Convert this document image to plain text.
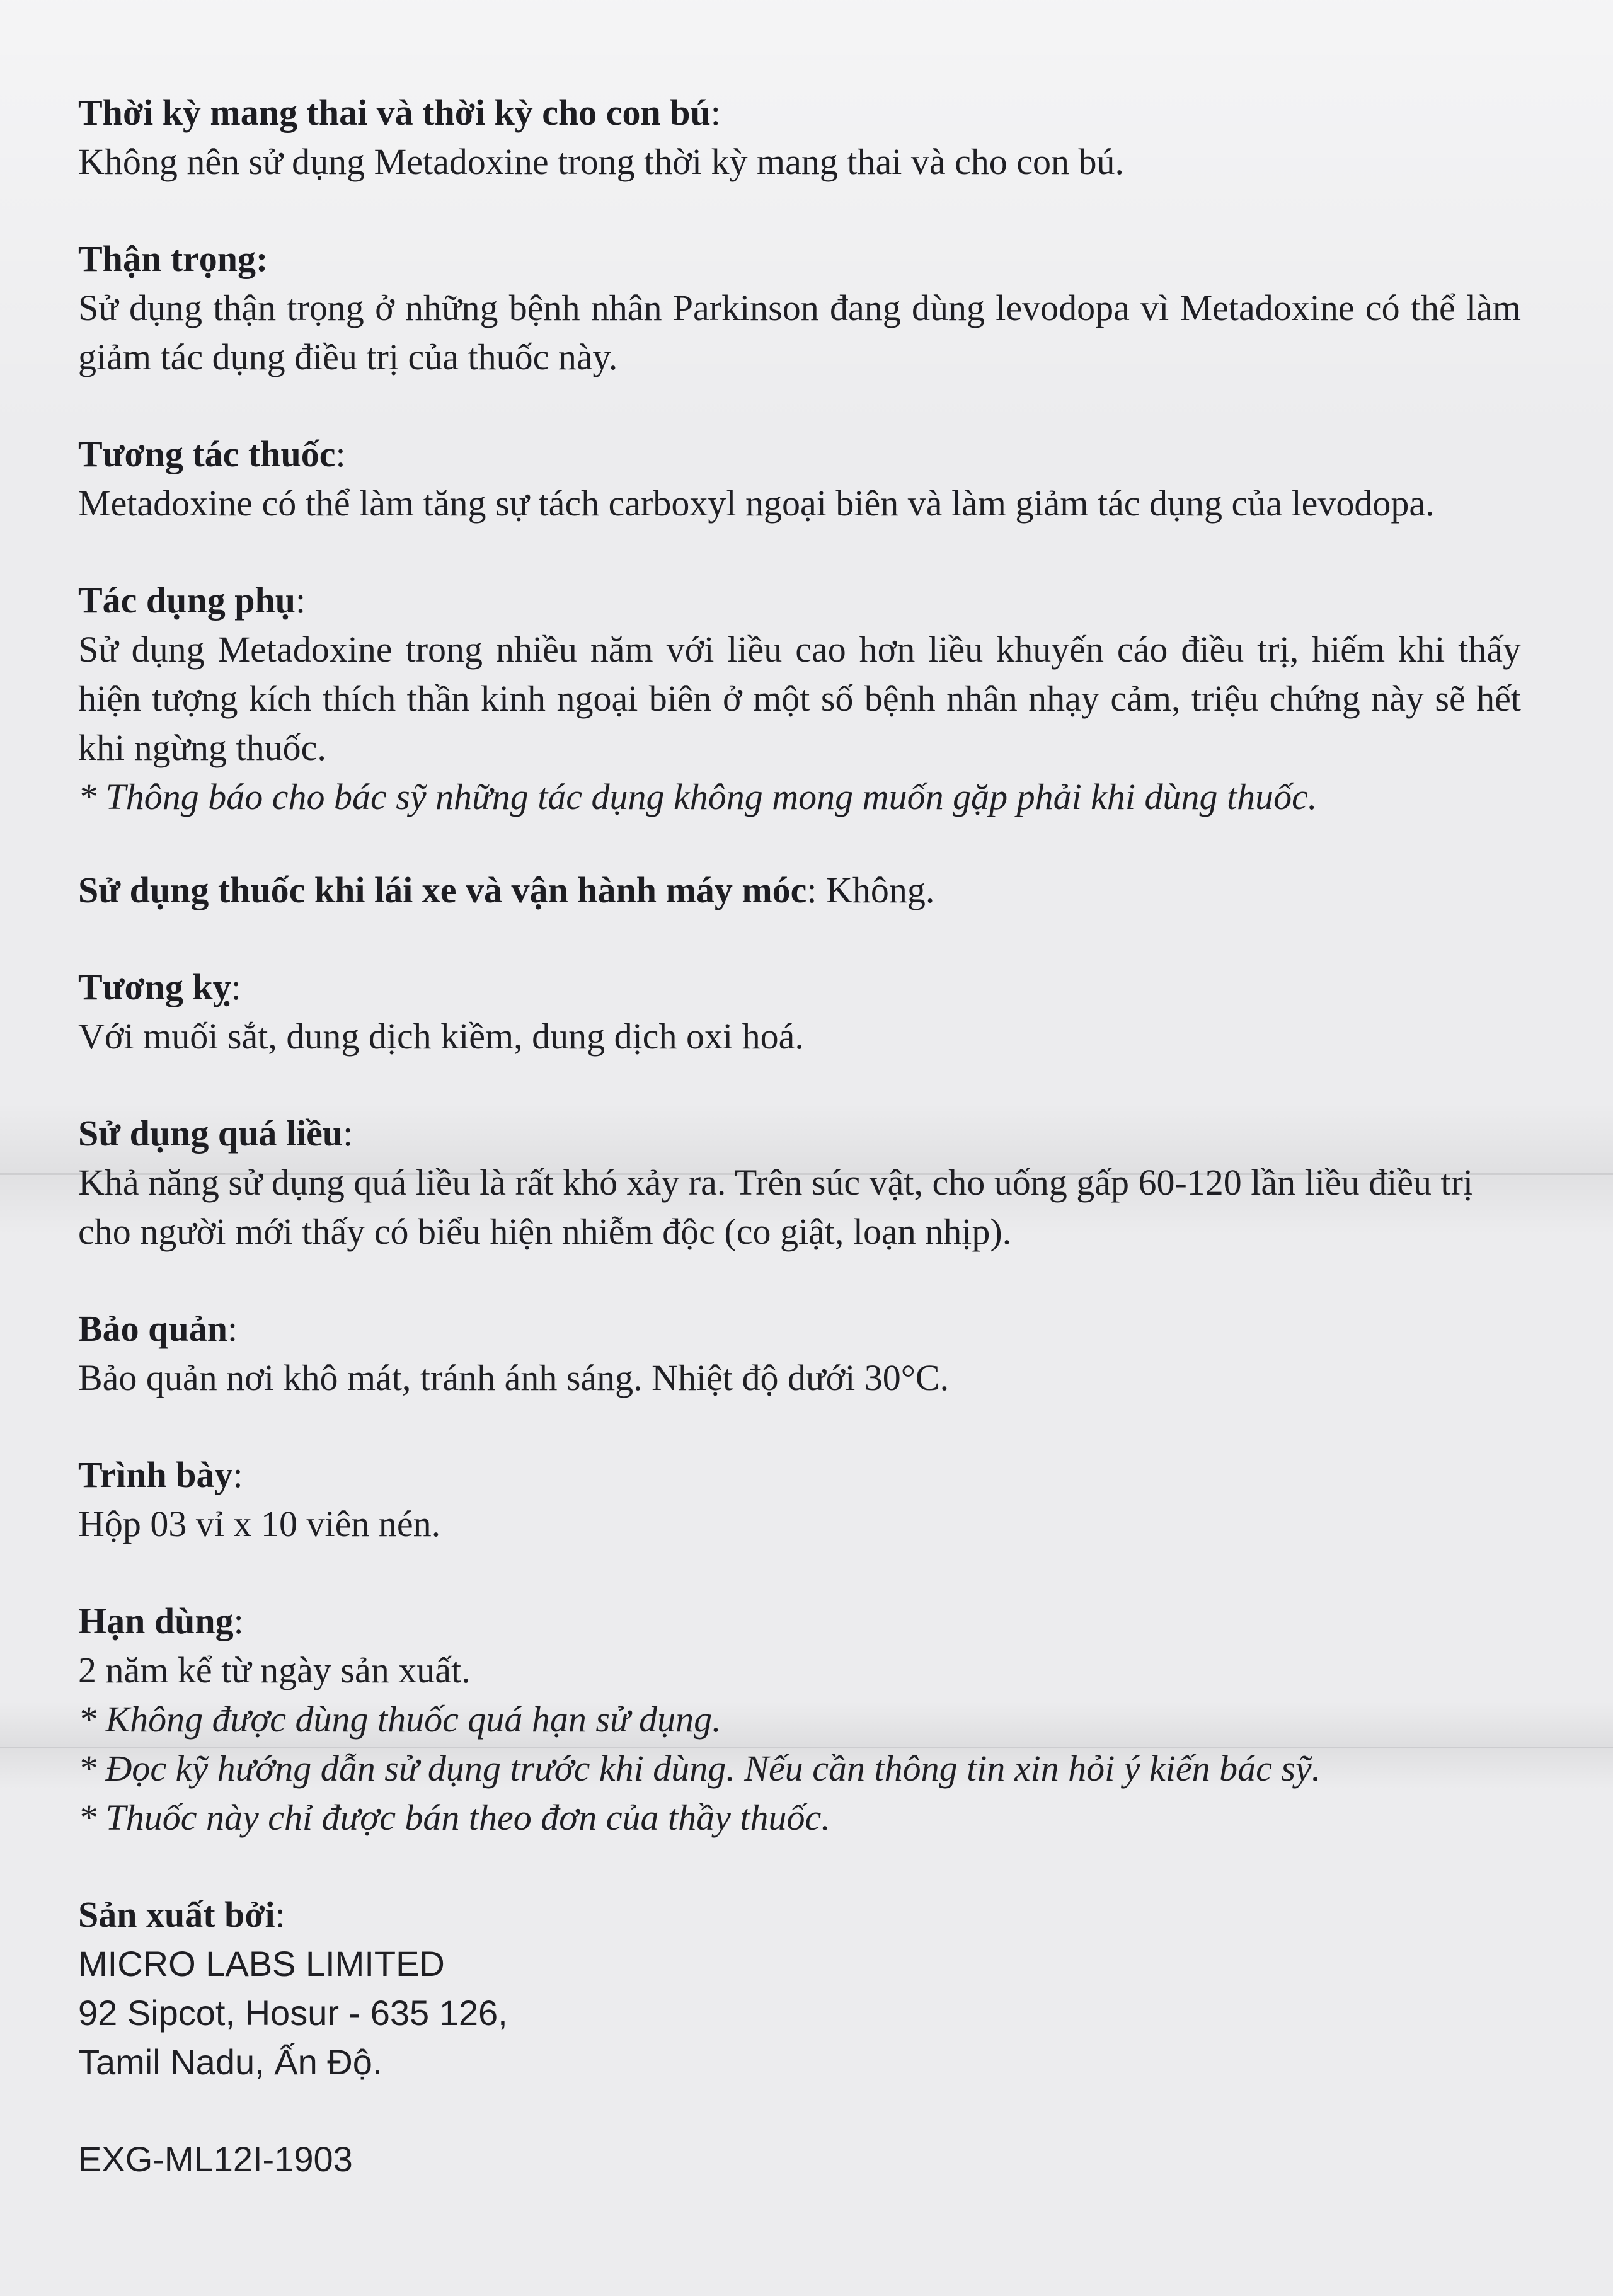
Thời kỳ mang thai và thời kỳ cho con bú:
Không nên sử dụng Metadoxine trong thời kỳ mang thai và cho con bú.
Thận trọng:
Sử dụng thận trọng ở những bệnh nhân Parkinson đang dùng levodopa vì Metadoxine có thể làm giảm tác dụng điều trị của thuốc này.
Tương tác thuốc:
Metadoxine có thể làm tăng sự tách carboxyl ngoại biên và làm giảm tác dụng của levodopa.
Tác dụng phụ:
Sử dụng Metadoxine trong nhiều năm với liều cao hơn liều khuyến cáo điều trị, hiếm khi thấy hiện tượng kích thích thần kinh ngoại biên ở một số bệnh nhân nhạy cảm, triệu chứng này sẽ hết khi ngừng thuốc.
* Thông báo cho bác sỹ những tác dụng không mong muốn gặp phải khi dùng thuốc.
Sử dụng thuốc khi lái xe và vận hành máy móc: Không.
Tương kỵ:
Với muối sắt, dung dịch kiềm, dung dịch oxi hoá.
Sử dụng quá liều:
Khả năng sử dụng quá liều là rất khó xảy ra. Trên súc vật, cho uống gấp 60-120 lần liều điều trị cho người mới thấy có biểu hiện nhiễm độc (co giật, loạn nhịp).
Bảo quản:
Bảo quản nơi khô mát, tránh ánh sáng. Nhiệt độ dưới 30°C.
Trình bày:
Hộp 03 vỉ x 10 viên nén.
Hạn dùng:
2 năm kể từ ngày sản xuất.
* Không được dùng thuốc quá hạn sử dụng.
* Đọc kỹ hướng dẫn sử dụng trước khi dùng. Nếu cần thông tin xin hỏi ý kiến bác sỹ.
* Thuốc này chỉ được bán theo đơn của thầy thuốc.
Sản xuất bởi:
MICRO LABS LIMITED
92 Sipcot, Hosur - 635 126,
Tamil Nadu, Ấn Độ.
EXG-ML12I-1903
